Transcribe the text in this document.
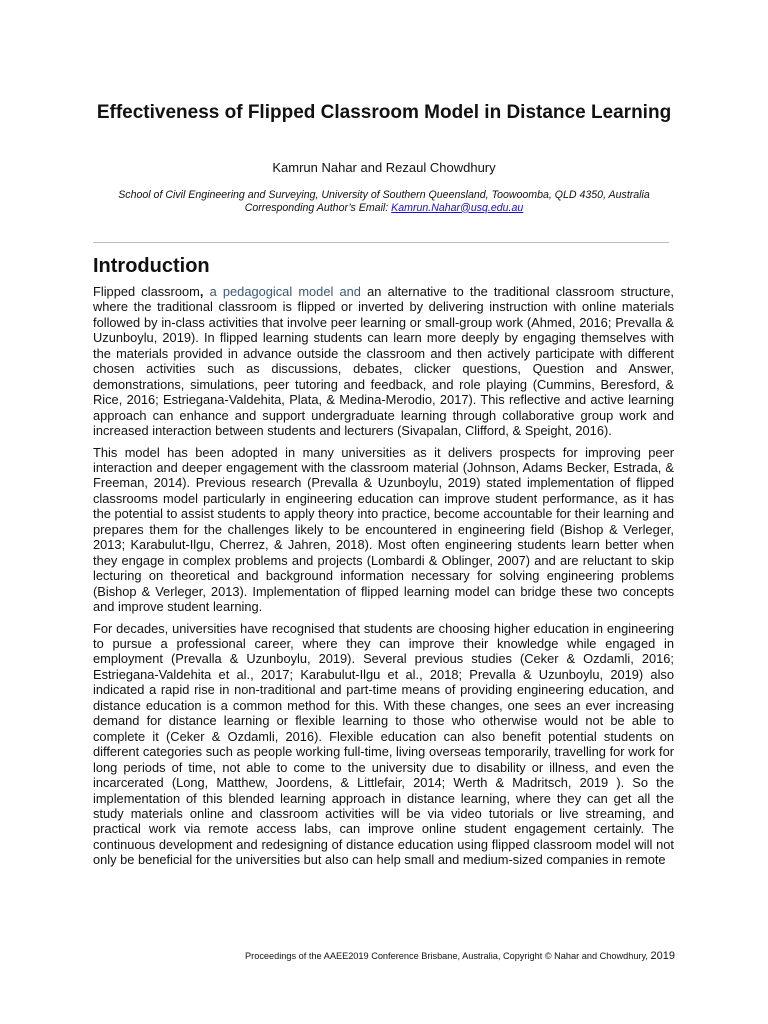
Effectiveness of Flipped Classroom Model in Distance Learning

Kamrun Nahar and Rezaul Chowdhury

School of Civil Engineering and Surveying, University of Southern Queensland, Toowoomba, QLD 4350, Australia
Corresponding Author’s Email: Kamrun.Nahar@usq.edu.au
Introduction

Flipped classroom, a pedagogical model and an alternative to the traditional classroom structure, where the traditional classroom is flipped or inverted by delivering instruction with online materials followed by in-class activities that involve peer learning or small-group work (Ahmed, 2016; Prevalla & Uzunboylu, 2019). In flipped learning students can learn more deeply by engaging themselves with the materials provided in advance outside the classroom and then actively participate with different chosen activities such as discussions, debates, clicker questions, Question and Answer, demonstrations, simulations, peer tutoring and feedback, and role playing (Cummins, Beresford, & Rice, 2016; Estriegana-Valdehita, Plata, & Medina-Merodio, 2017). This reflective and active learning approach can enhance and support undergraduate learning through collaborative group work and increased interaction between students and lecturers (Sivapalan, Clifford, & Speight, 2016).

This model has been adopted in many universities as it delivers prospects for improving peer interaction and deeper engagement with the classroom material (Johnson, Adams Becker, Estrada, & Freeman, 2014). Previous research (Prevalla & Uzunboylu, 2019) stated implementation of flipped classrooms model particularly in engineering education can improve student performance, as it has the potential to assist students to apply theory into practice, become accountable for their learning and prepares them for the challenges likely to be encountered in engineering field (Bishop & Verleger, 2013; Karabulut-Ilgu, Cherrez, & Jahren, 2018). Most often engineering students learn better when they engage in complex problems and projects (Lombardi & Oblinger, 2007) and are reluctant to skip lecturing on theoretical and background information necessary for solving engineering problems (Bishop & Verleger, 2013). Implementation of flipped learning model can bridge these two concepts and improve student learning.

For decades, universities have recognised that students are choosing higher education in engineering to pursue a professional career, where they can improve their knowledge while engaged in employment (Prevalla & Uzunboylu, 2019). Several previous studies (Ceker & Ozdamli, 2016; Estriegana-Valdehita et al., 2017; Karabulut-Ilgu et al., 2018; Prevalla & Uzunboylu, 2019) also indicated a rapid rise in non-traditional and part-time means of providing engineering education, and distance education is a common method for this. With these changes, one sees an ever increasing demand for distance learning or flexible learning to those who otherwise would not be able to complete it (Ceker & Ozdamli, 2016). Flexible education can also benefit potential students on different categories such as people working full-time, living overseas temporarily, travelling for work for long periods of time, not able to come to the university due to disability or illness, and even the incarcerated (Long, Matthew, Joordens, & Littlefair, 2014; Werth & Madritsch, 2019 ). So the implementation of this blended learning approach in distance learning, where they can get all the study materials online and classroom activities will be via video tutorials or live streaming, and practical work via remote access labs, can improve online student engagement certainly. The continuous development and redesigning of distance education using flipped classroom model will not only be beneficial for the universities but also can help small and medium-sized companies in remote

Proceedings of the AAEE2019 Conference Brisbane, Australia, Copyright © Nahar and Chowdhury, 2019
